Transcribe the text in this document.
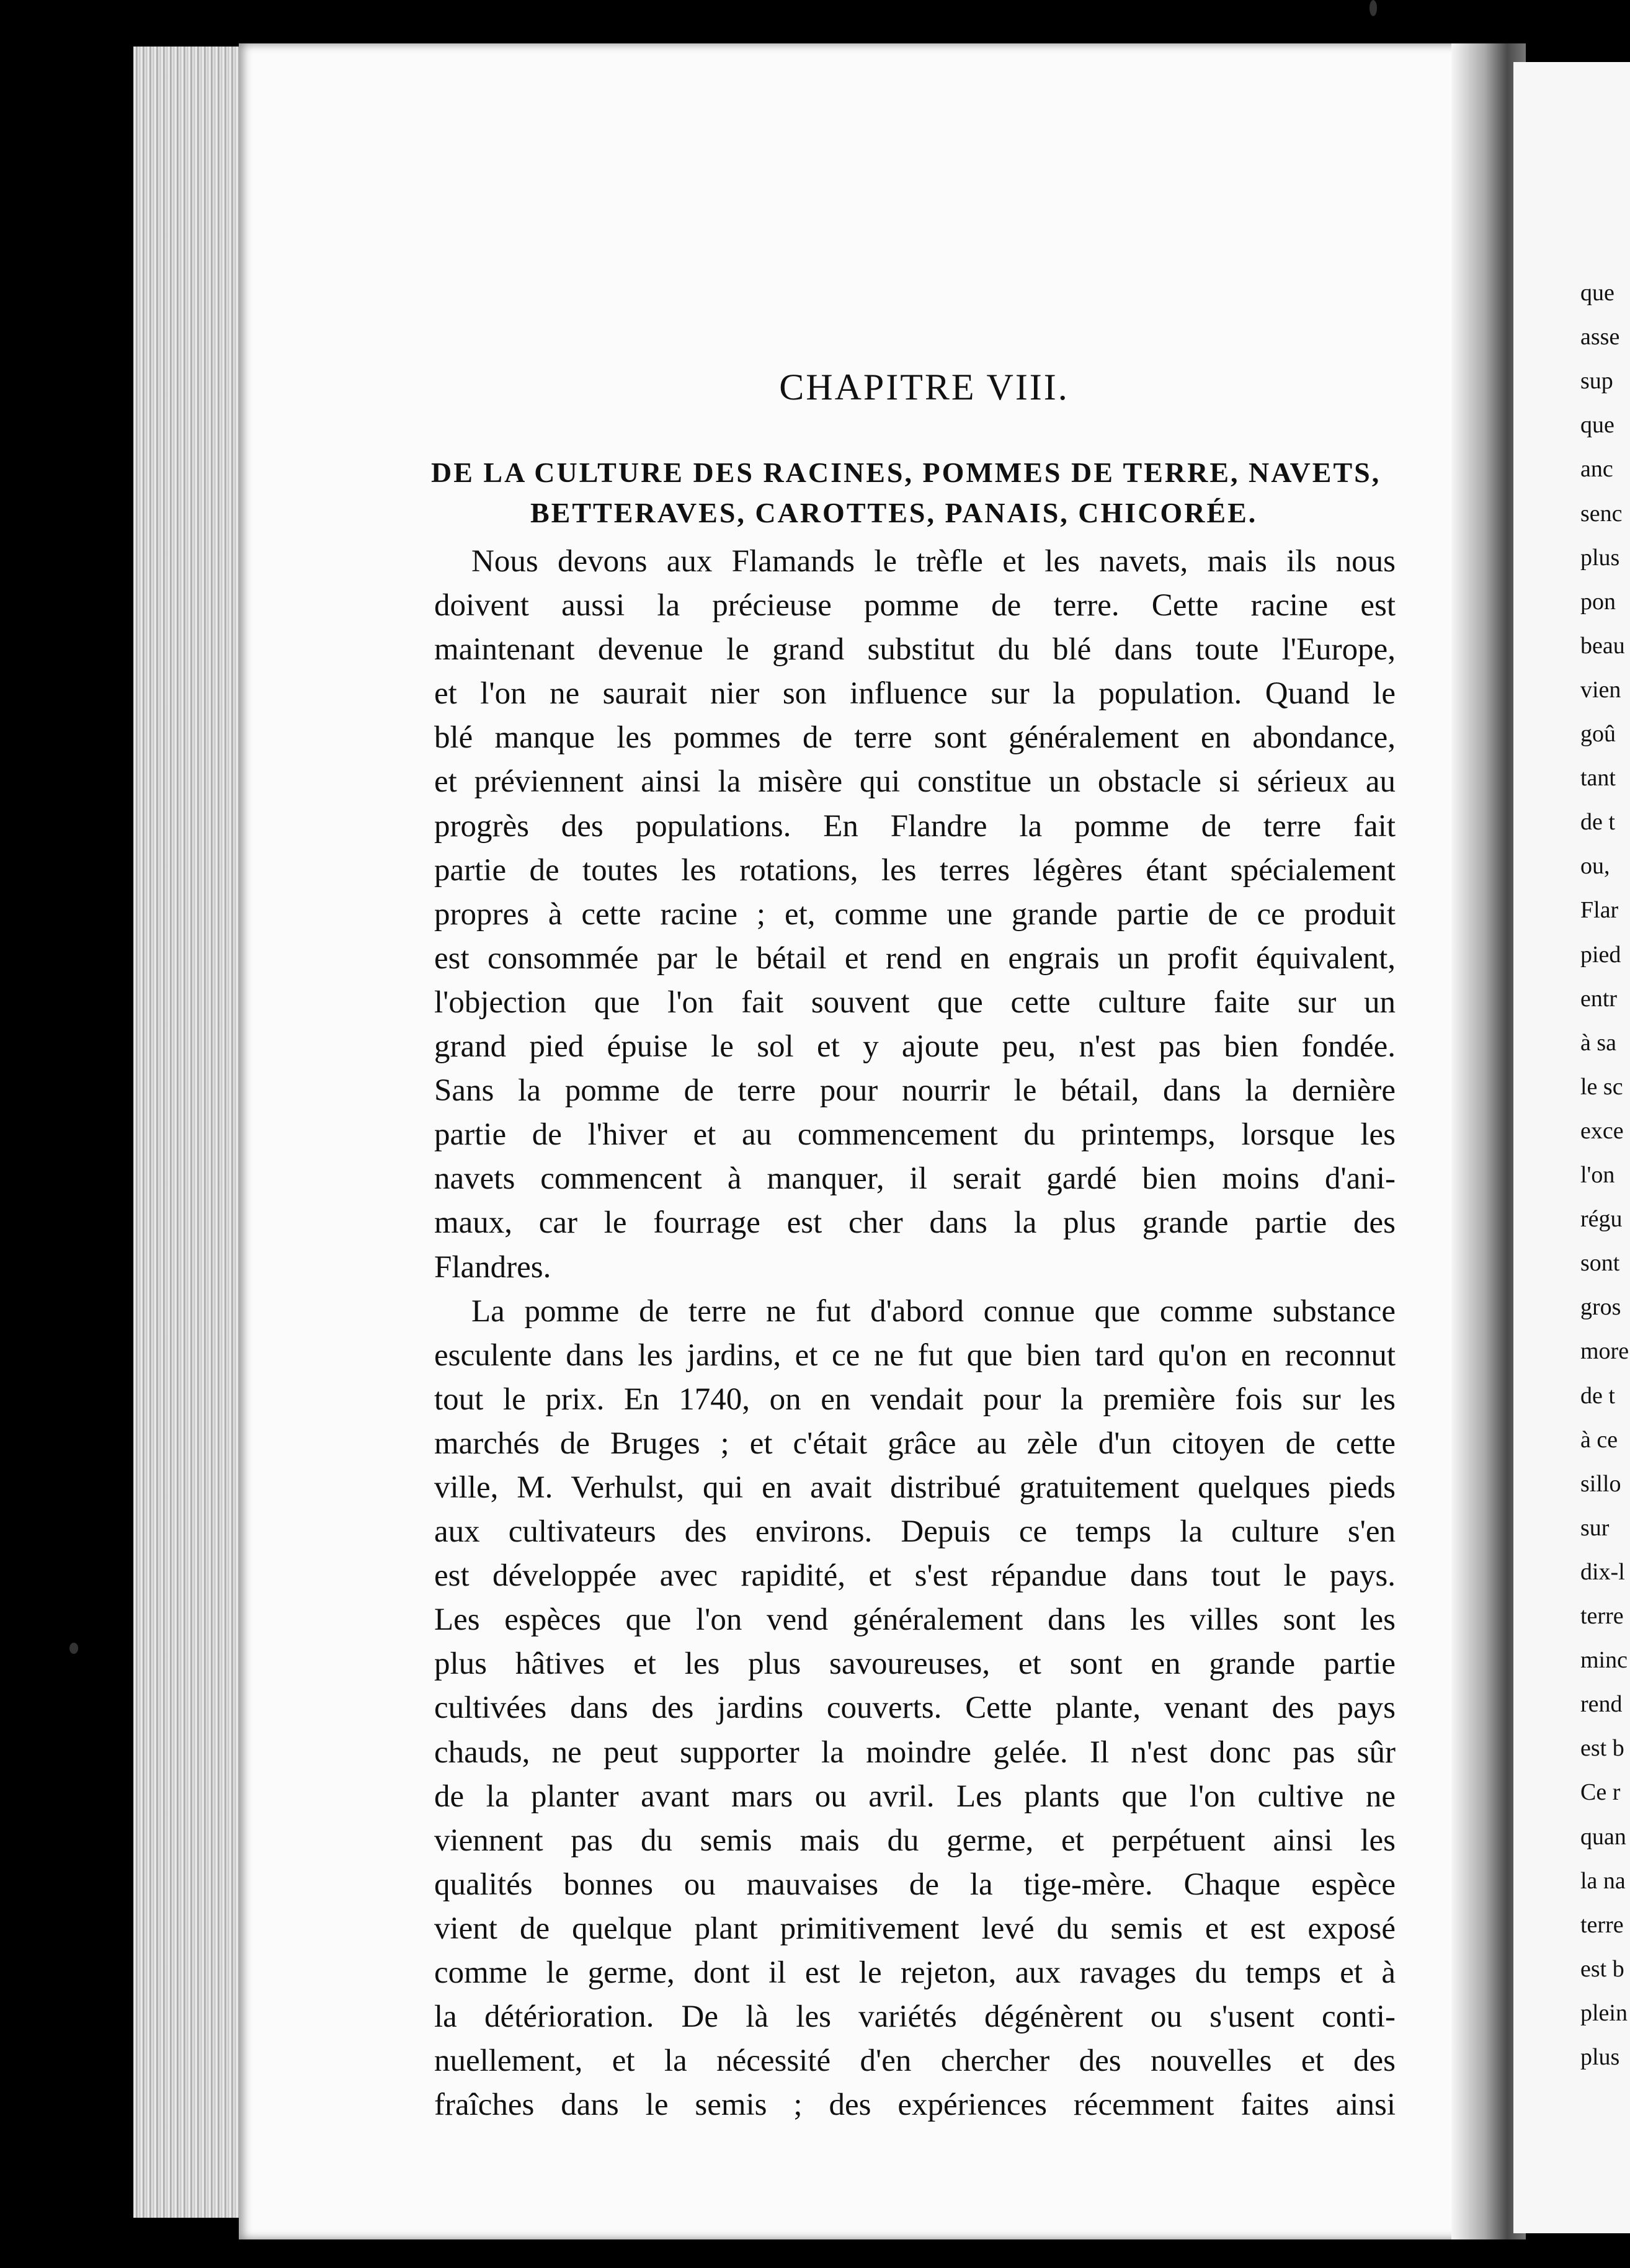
que
asse
sup
que
anc
senc
plus
pon
beau
vien
goû
tant
de t
ou,
Flar
pied
entr
à sa
le sc
exce
l'on
régu
sont
gros
more
de t
à ce
sillo
sur
dix-l
terre
minc
rend
est b
Ce r
quan
la na
terre
est b
plein
plus
CHAPITRE VIII.
DE LA CULTURE DES RACINES, POMMES DE TERRE, NAVETS,
BETTERAVES, CAROTTES, PANAIS, CHICORÉE.
Nous devons aux Flamands le trèfle et les navets, mais ils nous
doivent aussi la précieuse pomme de terre. Cette racine est
maintenant devenue le grand substitut du blé dans toute l'Europe,
et l'on ne saurait nier son influence sur la population. Quand le
blé manque les pommes de terre sont généralement en abondance,
et préviennent ainsi la misère qui constitue un obstacle si sérieux au
progrès des populations. En Flandre la pomme de terre fait
partie de toutes les rotations, les terres légères étant spécialement
propres à cette racine ; et, comme une grande partie de ce produit
est consommée par le bétail et rend en engrais un profit équivalent,
l'objection que l'on fait souvent que cette culture faite sur un
grand pied épuise le sol et y ajoute peu, n'est pas bien fondée.
Sans la pomme de terre pour nourrir le bétail, dans la dernière
partie de l'hiver et au commencement du printemps, lorsque les
navets commencent à manquer, il serait gardé bien moins d'ani-
maux, car le fourrage est cher dans la plus grande partie des
Flandres.
La pomme de terre ne fut d'abord connue que comme substance
esculente dans les jardins, et ce ne fut que bien tard qu'on en reconnut
tout le prix. En 1740, on en vendait pour la première fois sur les
marchés de Bruges ; et c'était grâce au zèle d'un citoyen de cette
ville, M. Verhulst, qui en avait distribué gratuitement quelques pieds
aux cultivateurs des environs. Depuis ce temps la culture s'en
est développée avec rapidité, et s'est répandue dans tout le pays.
Les espèces que l'on vend généralement dans les villes sont les
plus hâtives et les plus savoureuses, et sont en grande partie
cultivées dans des jardins couverts. Cette plante, venant des pays
chauds, ne peut supporter la moindre gelée. Il n'est donc pas sûr
de la planter avant mars ou avril. Les plants que l'on cultive ne
viennent pas du semis mais du germe, et perpétuent ainsi les
qualités bonnes ou mauvaises de la tige-mère. Chaque espèce
vient de quelque plant primitivement levé du semis et est exposé
comme le germe, dont il est le rejeton, aux ravages du temps et à
la détérioration. De là les variétés dégénèrent ou s'usent conti-
nuellement, et la nécessité d'en chercher des nouvelles et des
fraîches dans le semis ; des expériences récemment faites ainsi
